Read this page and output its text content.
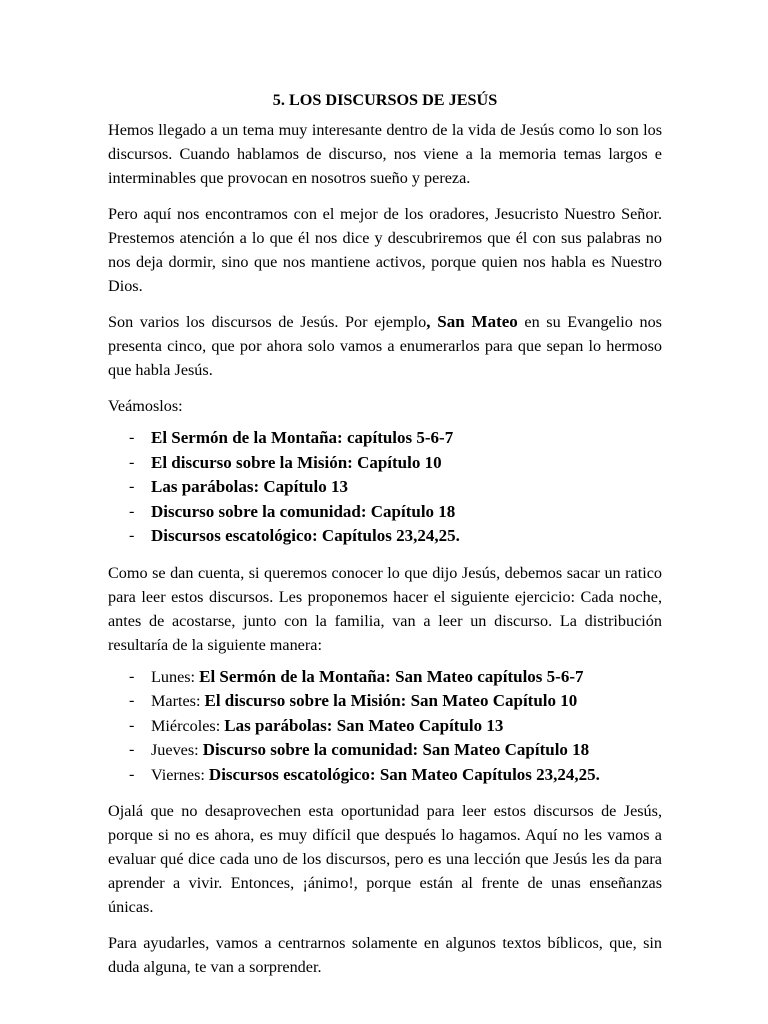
5. LOS DISCURSOS DE JESÚS

Hemos llegado a un tema muy interesante dentro de la vida de Jesús como lo son los discursos. Cuando hablamos de discurso, nos viene a la memoria temas largos e interminables que provocan en nosotros sueño y pereza.

Pero aquí nos encontramos con el mejor de los oradores, Jesucristo Nuestro Señor. Prestemos atención a lo que él nos dice y descubriremos que él con sus palabras no nos deja dormir, sino que nos mantiene activos, porque quien nos habla es Nuestro Dios.

Son varios los discursos de Jesús. Por ejemplo, San Mateo en su Evangelio nos presenta cinco, que por ahora solo vamos a enumerarlos para que sepan lo hermoso que habla Jesús.

Veámoslos:

- El Sermón de la Montaña: capítulos 5-6-7
- El discurso sobre la Misión: Capítulo 10
- Las parábolas: Capítulo 13
- Discurso sobre la comunidad: Capítulo 18
- Discursos escatológico: Capítulos 23,24,25.

Como se dan cuenta, si queremos conocer lo que dijo Jesús, debemos sacar un ratico para leer estos discursos. Les proponemos hacer el siguiente ejercicio: Cada noche, antes de acostarse, junto con la familia, van a leer un discurso. La distribución resultaría de la siguiente manera:

- Lunes: El Sermón de la Montaña: San Mateo capítulos 5-6-7
- Martes: El discurso sobre la Misión: San Mateo Capítulo 10
- Miércoles: Las parábolas: San Mateo Capítulo 13
- Jueves: Discurso sobre la comunidad: San Mateo Capítulo 18
- Viernes: Discursos escatológico: San Mateo Capítulos 23,24,25.

Ojalá que no desaprovechen esta oportunidad para leer estos discursos de Jesús, porque si no es ahora, es muy difícil que después lo hagamos. Aquí no les vamos a evaluar qué dice cada uno de los discursos, pero es una lección que Jesús les da para aprender a vivir. Entonces, ¡ánimo!, porque están al frente de unas enseñanzas únicas.

Para ayudarles, vamos a centrarnos solamente en algunos textos bíblicos, que, sin duda alguna, te van a sorprender.
